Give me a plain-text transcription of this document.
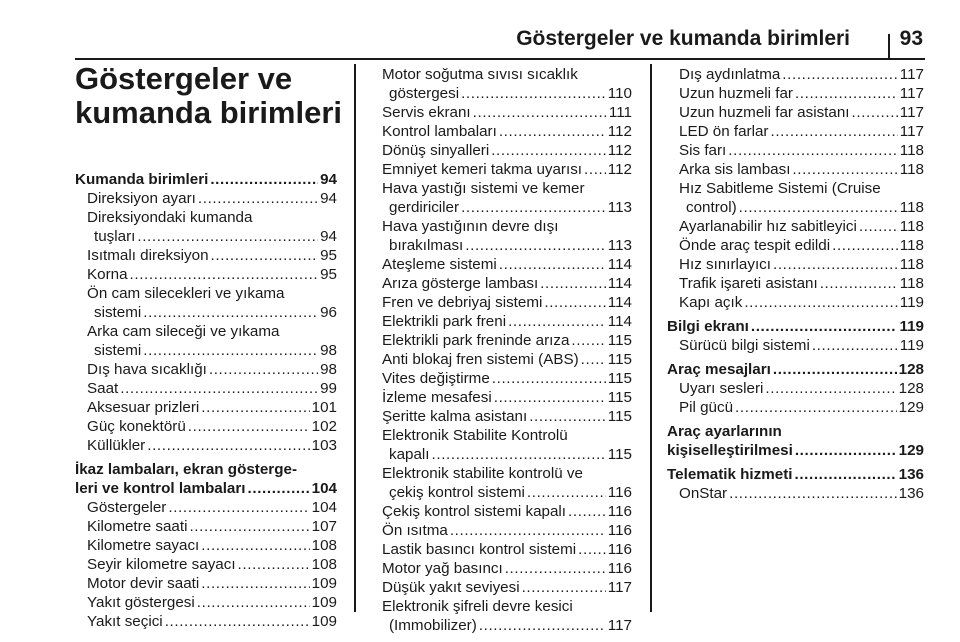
Göstergeler ve kumanda birimleri 93
Göstergeler ve
kumanda birimleri
Kumanda birimleri . . .	94
Direksiyon ayarı . . .	94
Direksiyondaki kumanda
tuşları . . .	94
Isıtmalı direksiyon . . .	95
Korna . . .	95
Ön cam silecekleri ve yıkama
sistemi . . .	96
Arka cam sileceği ve yıkama
sistemi . . .	98
Dış hava sıcaklığı . . .	98
Saat . . .	99
Aksesuar prizleri . . .	101
Güç konektörü . . .	102
Küllükler . . .	103
İkaz lambaları, ekran gösterge-
leri ve kontrol lambaları . . .	104
Göstergeler . . .	104
Kilometre saati . . .	107
Kilometre sayacı . . .	108
Seyir kilometre sayacı . . .	108
Motor devir saati . . .	109
Yakıt göstergesi . . .	109
Yakıt seçici . . .	109
Motor soğutma sıvısı sıcaklık
göstergesi . . .	110
Servis ekranı . . .	111
Kontrol lambaları . . .	112
Dönüş sinyalleri . . .	112
Emniyet kemeri takma uyarısı . . . 112
Hava yastığı sistemi ve kemer
gerdiriciler . . .	113
Hava yastığının devre dışı
bırakılması . . .	113
Ateşleme sistemi . . .	114
Arıza gösterge lambası . . .	114
Fren ve debriyaj sistemi . . .	114
Elektrikli park freni . . .	114
Elektrikli park freninde arıza . . .	115
Anti blokaj fren sistemi (ABS) . . . 115
Vites değiştirme . . .	115
İzleme mesafesi . . .	115
Şeritte kalma asistanı . . .	115
Elektronik Stabilite Kontrolü
kapalı . . .	115
Elektronik stabilite kontrolü ve
çekiş kontrol sistemi . . .	116
Çekiş kontrol sistemi kapalı . . .	116
Ön ısıtma . . .	116
Lastik basıncı kontrol sistemi . . . 116
Motor yağ basıncı . . .	116
Düşük yakıt seviyesi . . .	117
Elektronik şifreli devre kesici
(Immobilizer) . . .	117
Dış aydınlatma . . .	117
Uzun huzmeli far . . .	117
Uzun huzmeli far asistanı . . .	117
LED ön farlar . . .	117
Sis farı . . .	118
Arka sis lambası . . .	118
Hız Sabitleme Sistemi (Cruise
control) . . .	118
Ayarlanabilir hız sabitleyici . . .	118
Önde araç tespit edildi . . .	118
Hız sınırlayıcı . . .	118
Trafik işareti asistanı . . .	118
Kapı açık . . .	119
Bilgi ekranı . . .	119
Sürücü bilgi sistemi . . .	119
Araç mesajları . . .	128
Uyarı sesleri . . .	128
Pil gücü . . .	129
Araç ayarlarının
kişiselleştirilmesi . . .	129
Telematik hizmeti . . .	136
OnStar . . .	136
